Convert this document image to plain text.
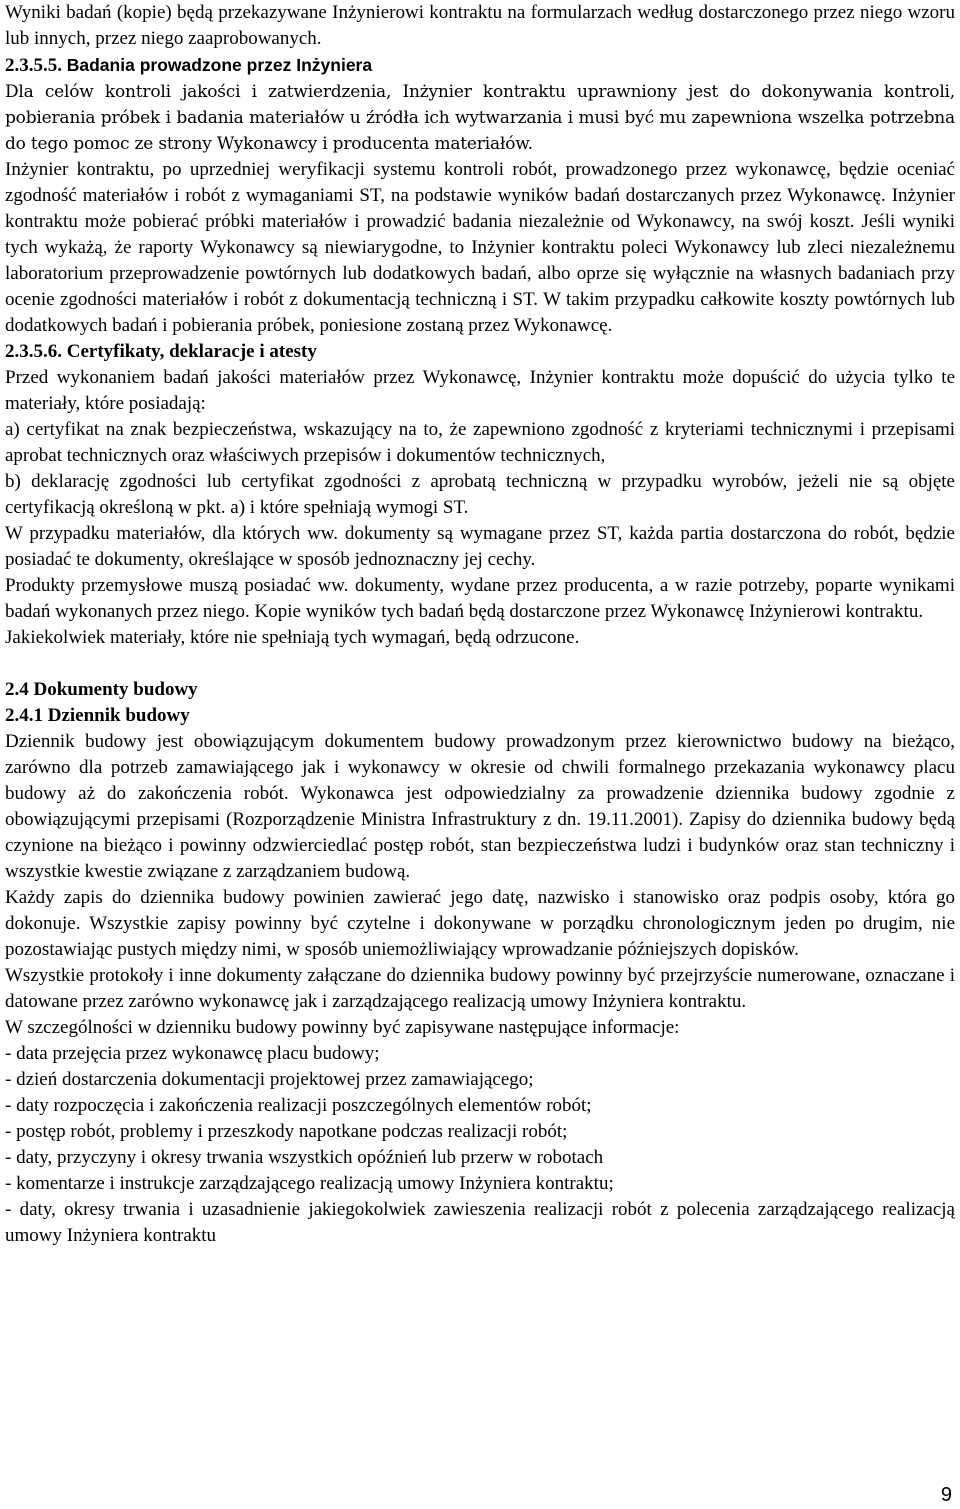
Wyniki badań (kopie) będą przekazywane Inżynierowi kontraktu na formularzach według dostarczonego przez niego wzoru lub innych, przez niego zaaprobowanych.

2.3.5.5. Badania prowadzone przez Inżyniera

Dla celów kontroli jakości i zatwierdzenia, Inżynier kontraktu uprawniony jest do dokonywania kontroli, pobierania próbek i badania materiałów u źródła ich wytwarzania i musi być mu zapewniona wszelka potrzebna do tego pomoc ze strony Wykonawcy i producenta materiałów.

Inżynier kontraktu, po uprzedniej weryfikacji systemu kontroli robót, prowadzonego przez wykonawcę, będzie oceniać zgodność materiałów i robót z wymaganiami ST, na podstawie wyników badań dostarczanych przez Wykonawcę. Inżynier kontraktu może pobierać próbki materiałów i prowadzić badania niezależnie od Wykonawcy, na swój koszt. Jeśli wyniki tych wykażą, że raporty Wykonawcy są niewiarygodne, to Inżynier kontraktu poleci Wykonawcy lub zleci niezależnemu laboratorium przeprowadzenie powtórnych lub dodatkowych badań, albo oprze się wyłącznie na własnych badaniach przy ocenie zgodności materiałów i robót z dokumentacją techniczną i ST. W takim przypadku całkowite koszty powtórnych lub dodatkowych badań i pobierania próbek, poniesione zostaną przez Wykonawcę.

2.3.5.6. Certyfikaty, deklaracje i atesty

Przed wykonaniem badań jakości materiałów przez Wykonawcę, Inżynier kontraktu może dopuścić do użycia tylko te materiały, które posiadają:

a) certyfikat na znak bezpieczeństwa, wskazujący na to, że zapewniono zgodność z kryteriami technicznymi i przepisami aprobat technicznych oraz właściwych przepisów i dokumentów technicznych,

b) deklarację zgodności lub certyfikat zgodności z aprobatą techniczną w przypadku wyrobów, jeżeli nie są objęte certyfikacją określoną w pkt. a) i które spełniają wymogi ST.

W przypadku materiałów, dla których ww. dokumenty są wymagane przez ST, każda partia dostarczona do robót, będzie posiadać te dokumenty, określające w sposób jednoznaczny jej cechy.

Produkty przemysłowe muszą posiadać ww. dokumenty, wydane przez producenta, a w razie potrzeby, poparte wynikami badań wykonanych przez niego. Kopie wyników tych badań będą dostarczone przez Wykonawcę Inżynierowi kontraktu.

Jakiekolwiek materiały, które nie spełniają tych wymagań, będą odrzucone.

2.4 Dokumenty budowy

2.4.1 Dziennik budowy

Dziennik budowy jest obowiązującym dokumentem budowy prowadzonym przez kierownictwo budowy na bieżąco, zarówno dla potrzeb zamawiającego jak i wykonawcy w okresie od chwili formalnego przekazania wykonawcy placu budowy aż do zakończenia robót. Wykonawca jest odpowiedzialny za prowadzenie dziennika budowy zgodnie z obowiązującymi przepisami (Rozporządzenie Ministra Infrastruktury z dn. 19.11.2001). Zapisy do dziennika budowy będą czynione na bieżąco i powinny odzwierciedlać postęp robót, stan bezpieczeństwa ludzi i budynków oraz stan techniczny i wszystkie kwestie związane z zarządzaniem budową.

Każdy zapis do dziennika budowy powinien zawierać jego datę, nazwisko i stanowisko oraz podpis osoby, która go dokonuje. Wszystkie zapisy powinny być czytelne i dokonywane w porządku chronologicznym jeden po drugim, nie pozostawiając pustych między nimi, w sposób uniemożliwiający wprowadzanie późniejszych dopisków.

Wszystkie protokoły i inne dokumenty załączane do dziennika budowy powinny być przejrzyście numerowane, oznaczane i datowane przez zarówno wykonawcę jak i zarządzającego realizacją umowy Inżyniera kontraktu.

W szczególności w dzienniku budowy powinny być zapisywane następujące informacje:

- data przejęcia przez wykonawcę placu budowy;
- dzień dostarczenia dokumentacji projektowej przez zamawiającego;
- daty rozpoczęcia i zakończenia realizacji poszczególnych elementów robót;
- postęp robót, problemy i przeszkody napotkane podczas realizacji robót;
- daty, przyczyny i okresy trwania wszystkich opóźnień lub przerw w robotach
- komentarze i instrukcje zarządzającego realizacją umowy Inżyniera kontraktu;
- daty, okresy trwania i uzasadnienie jakiegokolwiek zawieszenia realizacji robót z polecenia zarządzającego realizacją umowy Inżyniera kontraktu
9
